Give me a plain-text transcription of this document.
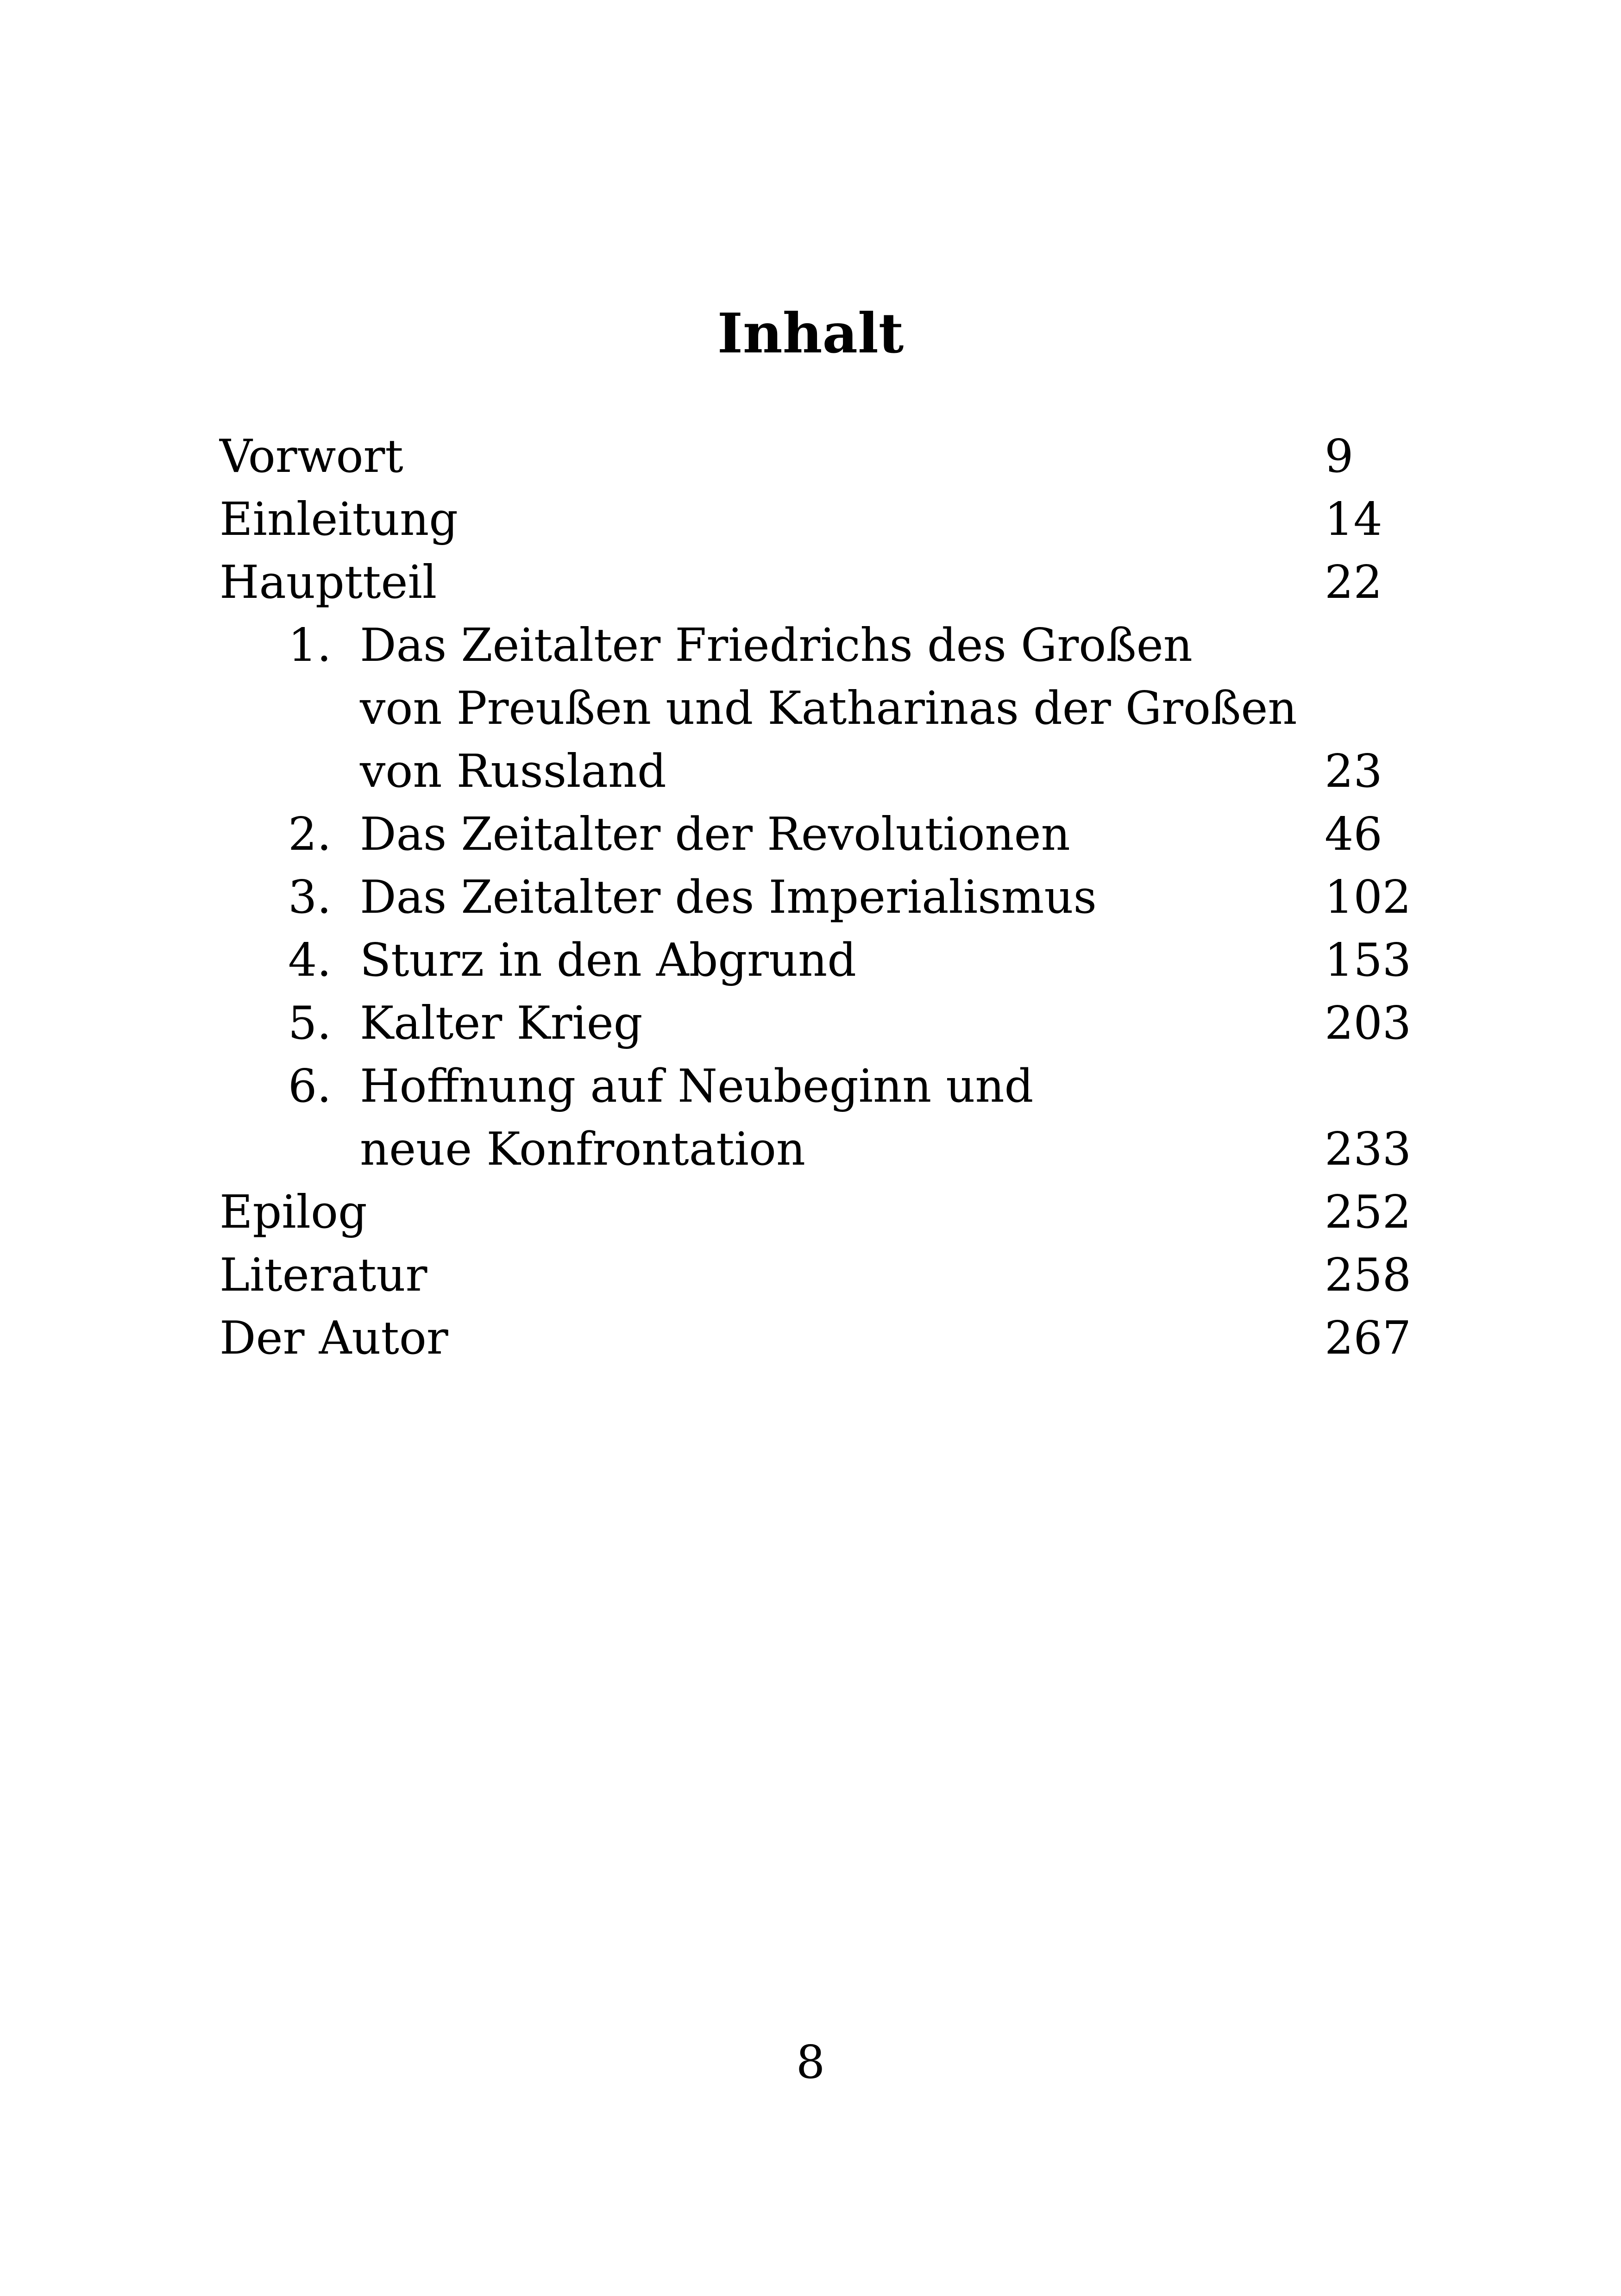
Inhalt
Vorwort	9
Einleitung	14
Hauptteil	22
1. Das Zeitalter Friedrichs des Großen
von Preußen und Katharinas der Großen
von Russland	23
2. Das Zeitalter der Revolutionen	46
3. Das Zeitalter des Imperialismus	102
4. Sturz in den Abgrund	153
5. Kalter Krieg	203
6. Hoffnung auf Neubeginn und
neue Konfrontation	233
Epilog	252
Literatur	258
Der Autor	267
8
